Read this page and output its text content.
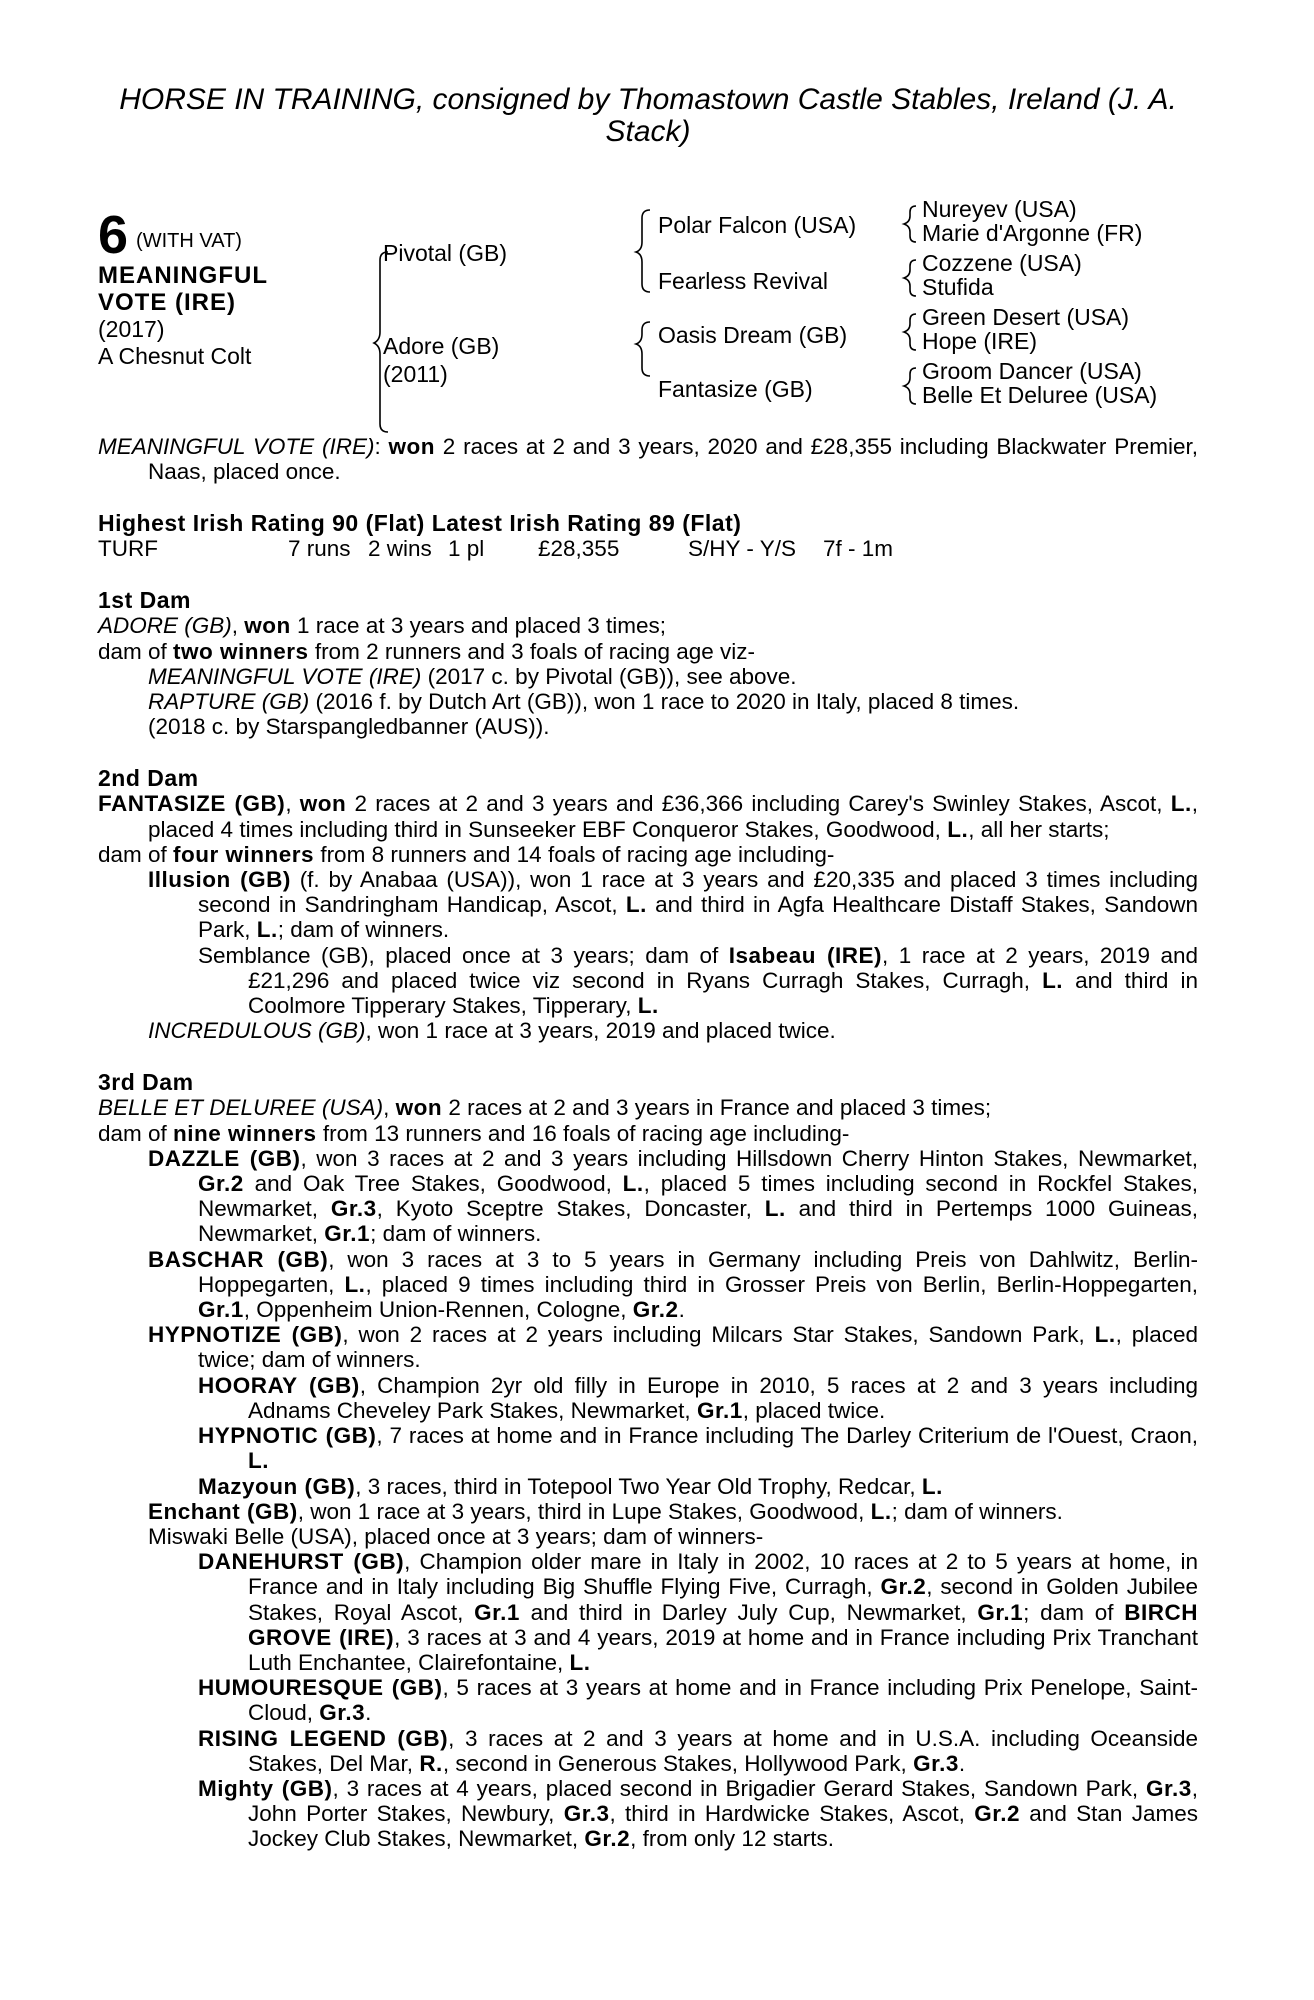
HORSE IN TRAINING, consigned by Thomastown Castle Stables, Ireland (J. A. Stack)
6 (WITH VAT)
MEANINGFUL
VOTE (IRE)
(2017)
A Chesnut Colt
Pivotal (GB)
Adore (GB)
(2011)
Polar Falcon (USA)
Fearless Revival
Oasis Dream (GB)
Fantasize (GB)
Nureyev (USA)
Marie d'Argonne (FR)
Cozzene (USA)
Stufida
Green Desert (USA)
Hope (IRE)
Groom Dancer (USA)
Belle Et Deluree (USA)

MEANINGFUL VOTE (IRE): won 2 races at 2 and 3 years, 2020 and £28,355 including Blackwater Premier, Naas, placed once.

Highest Irish Rating 90 (Flat) Latest Irish Rating 89 (Flat)
TURF	7 runs 2 wins 1 pl £28,355	S/HY - Y/S 7f - 1m
1st Dam

ADORE (GB), won 1 race at 3 years and placed 3 times;

dam of two winners from 2 runners and 3 foals of racing age viz-

MEANINGFUL VOTE (IRE) (2017 c. by Pivotal (GB)), see above.

RAPTURE (GB) (2016 f. by Dutch Art (GB)), won 1 race to 2020 in Italy, placed 8 times.

(2018 c. by Starspangledbanner (AUS)).

2nd Dam

FANTASIZE (GB), won 2 races at 2 and 3 years and £36,366 including Carey's Swinley Stakes, Ascot, L., placed 4 times including third in Sunseeker EBF Conqueror Stakes, Goodwood, L., all her starts;

dam of four winners from 8 runners and 14 foals of racing age including-

Illusion (GB) (f. by Anabaa (USA)), won 1 race at 3 years and £20,335 and placed 3 times including second in Sandringham Handicap, Ascot, L. and third in Agfa Healthcare Distaff Stakes, Sandown Park, L.; dam of winners.

Semblance (GB), placed once at 3 years; dam of Isabeau (IRE), 1 race at 2 years, 2019 and £21,296 and placed twice viz second in Ryans Curragh Stakes, Curragh, L. and third in Coolmore Tipperary Stakes, Tipperary, L.

INCREDULOUS (GB), won 1 race at 3 years, 2019 and placed twice.

3rd Dam

BELLE ET DELUREE (USA), won 2 races at 2 and 3 years in France and placed 3 times;

dam of nine winners from 13 runners and 16 foals of racing age including-

DAZZLE (GB), won 3 races at 2 and 3 years including Hillsdown Cherry Hinton Stakes, Newmarket, Gr.2 and Oak Tree Stakes, Goodwood, L., placed 5 times including second in Rockfel Stakes, Newmarket, Gr.3, Kyoto Sceptre Stakes, Doncaster, L. and third in Pertemps 1000 Guineas, Newmarket, Gr.1; dam of winners.

BASCHAR (GB), won 3 races at 3 to 5 years in Germany including Preis von Dahlwitz, Berlin-Hoppegarten, L., placed 9 times including third in Grosser Preis von Berlin, Berlin-Hoppegarten, Gr.1, Oppenheim Union-Rennen, Cologne, Gr.2.

HYPNOTIZE (GB), won 2 races at 2 years including Milcars Star Stakes, Sandown Park, L., placed twice; dam of winners.

HOORAY (GB), Champion 2yr old filly in Europe in 2010, 5 races at 2 and 3 years including Adnams Cheveley Park Stakes, Newmarket, Gr.1, placed twice.

HYPNOTIC (GB), 7 races at home and in France including The Darley Criterium de l'Ouest, Craon, L.

Mazyoun (GB), 3 races, third in Totepool Two Year Old Trophy, Redcar, L.

Enchant (GB), won 1 race at 3 years, third in Lupe Stakes, Goodwood, L.; dam of winners.

Miswaki Belle (USA), placed once at 3 years; dam of winners-

DANEHURST (GB), Champion older mare in Italy in 2002, 10 races at 2 to 5 years at home, in France and in Italy including Big Shuffle Flying Five, Curragh, Gr.2, second in Golden Jubilee Stakes, Royal Ascot, Gr.1 and third in Darley July Cup, Newmarket, Gr.1; dam of BIRCH GROVE (IRE), 3 races at 3 and 4 years, 2019 at home and in France including Prix Tranchant Luth Enchantee, Clairefontaine, L.

HUMOURESQUE (GB), 5 races at 3 years at home and in France including Prix Penelope, Saint-Cloud, Gr.3.

RISING LEGEND (GB), 3 races at 2 and 3 years at home and in U.S.A. including Oceanside Stakes, Del Mar, R., second in Generous Stakes, Hollywood Park, Gr.3.

Mighty (GB), 3 races at 4 years, placed second in Brigadier Gerard Stakes, Sandown Park, Gr.3, John Porter Stakes, Newbury, Gr.3, third in Hardwicke Stakes, Ascot, Gr.2 and Stan James Jockey Club Stakes, Newmarket, Gr.2, from only 12 starts.
